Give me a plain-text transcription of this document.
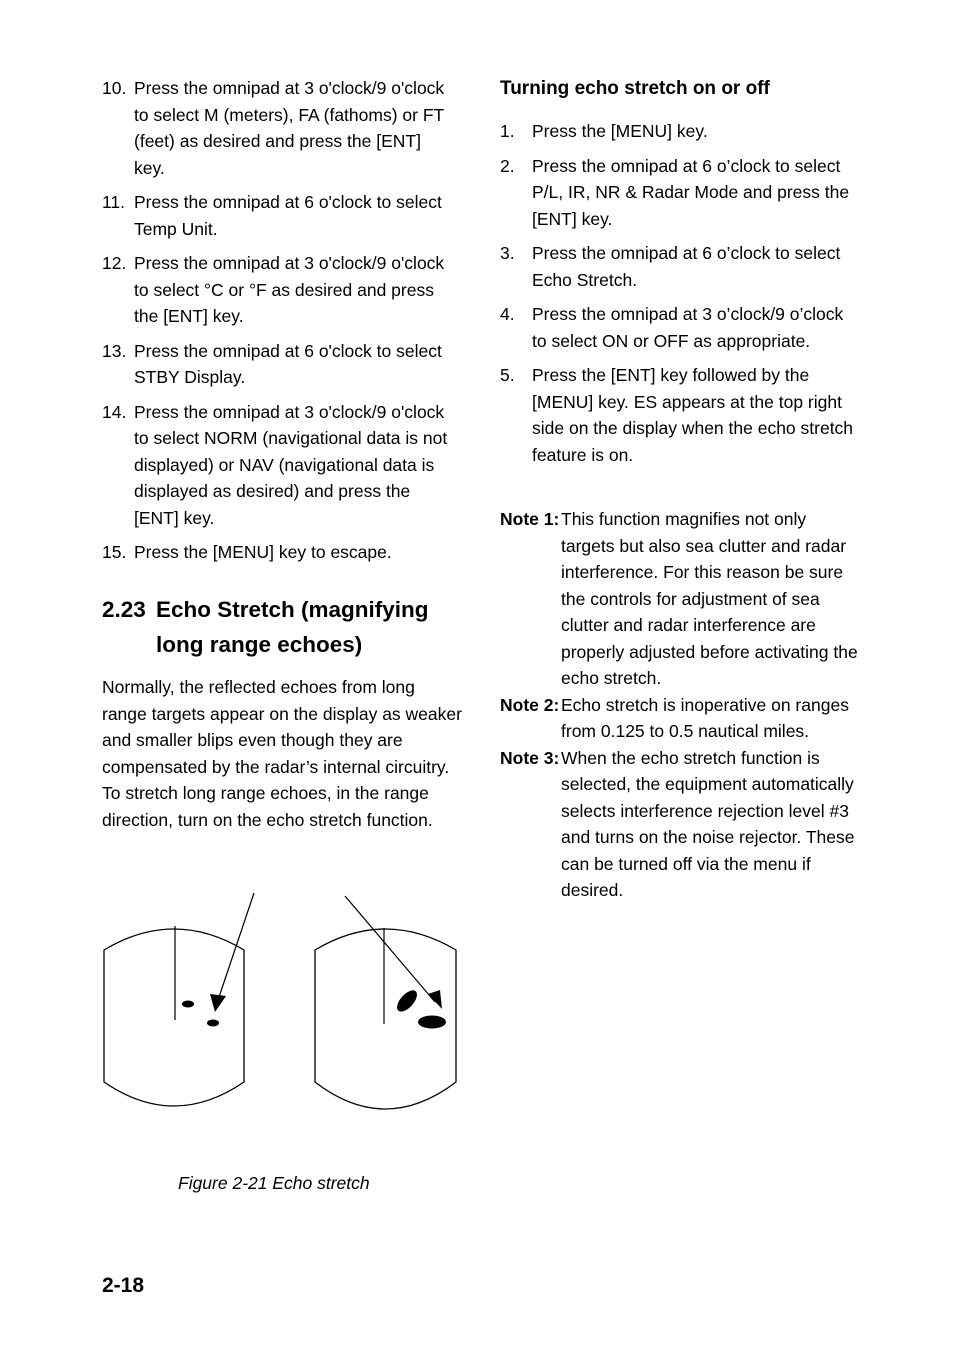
10. Press the omnipad at 3 o'clock/9 o'clock to select M (meters), FA (fathoms) or FT (feet) as desired and press the [ENT] key.
11. Press the omnipad at 6 o'clock to select Temp Unit.
12. Press the omnipad at 3 o'clock/9 o'clock to select °C or °F as desired and press the [ENT] key.
13. Press the omnipad at 6 o'clock to select STBY Display.
14. Press the omnipad at 3 o'clock/9 o'clock to select NORM (navigational data is not displayed) or NAV (navigational data is displayed as desired) and press the [ENT] key.
15. Press the [MENU] key to escape.
2.23 Echo Stretch (magnifying
long range echoes)

Normally, the reflected echoes from long range targets appear on the display as weaker and smaller blips even though they are compensated by the radar’s internal circuitry. To stretch long range echoes, in the range direction, turn on the echo stretch function.

Figure 2-21 Echo stretch
Turning echo stretch on or off
1. Press the [MENU] key.
2. Press the omnipad at 6 o’clock to select P/L, IR, NR & Radar Mode and press the [ENT] key.
3. Press the omnipad at 6 o’clock to select Echo Stretch.
4. Press the omnipad at 3 o’clock/9 o’clock to select ON or OFF as appropriate.
5. Press the [ENT] key followed by the [MENU] key. ES appears at the top right side on the display when the echo stretch feature is on.
Note 1: This function magnifies not only targets but also sea clutter and radar interference. For this reason be sure the controls for adjustment of sea clutter and radar interference are properly adjusted before activating the echo stretch.
Note 2: Echo stretch is inoperative on ranges from 0.125 to 0.5 nautical miles.
Note 3: When the echo stretch function is selected, the equipment automatically selects interference rejection level #3 and turns on the noise rejector. These can be turned off via the menu if desired.
2-18
